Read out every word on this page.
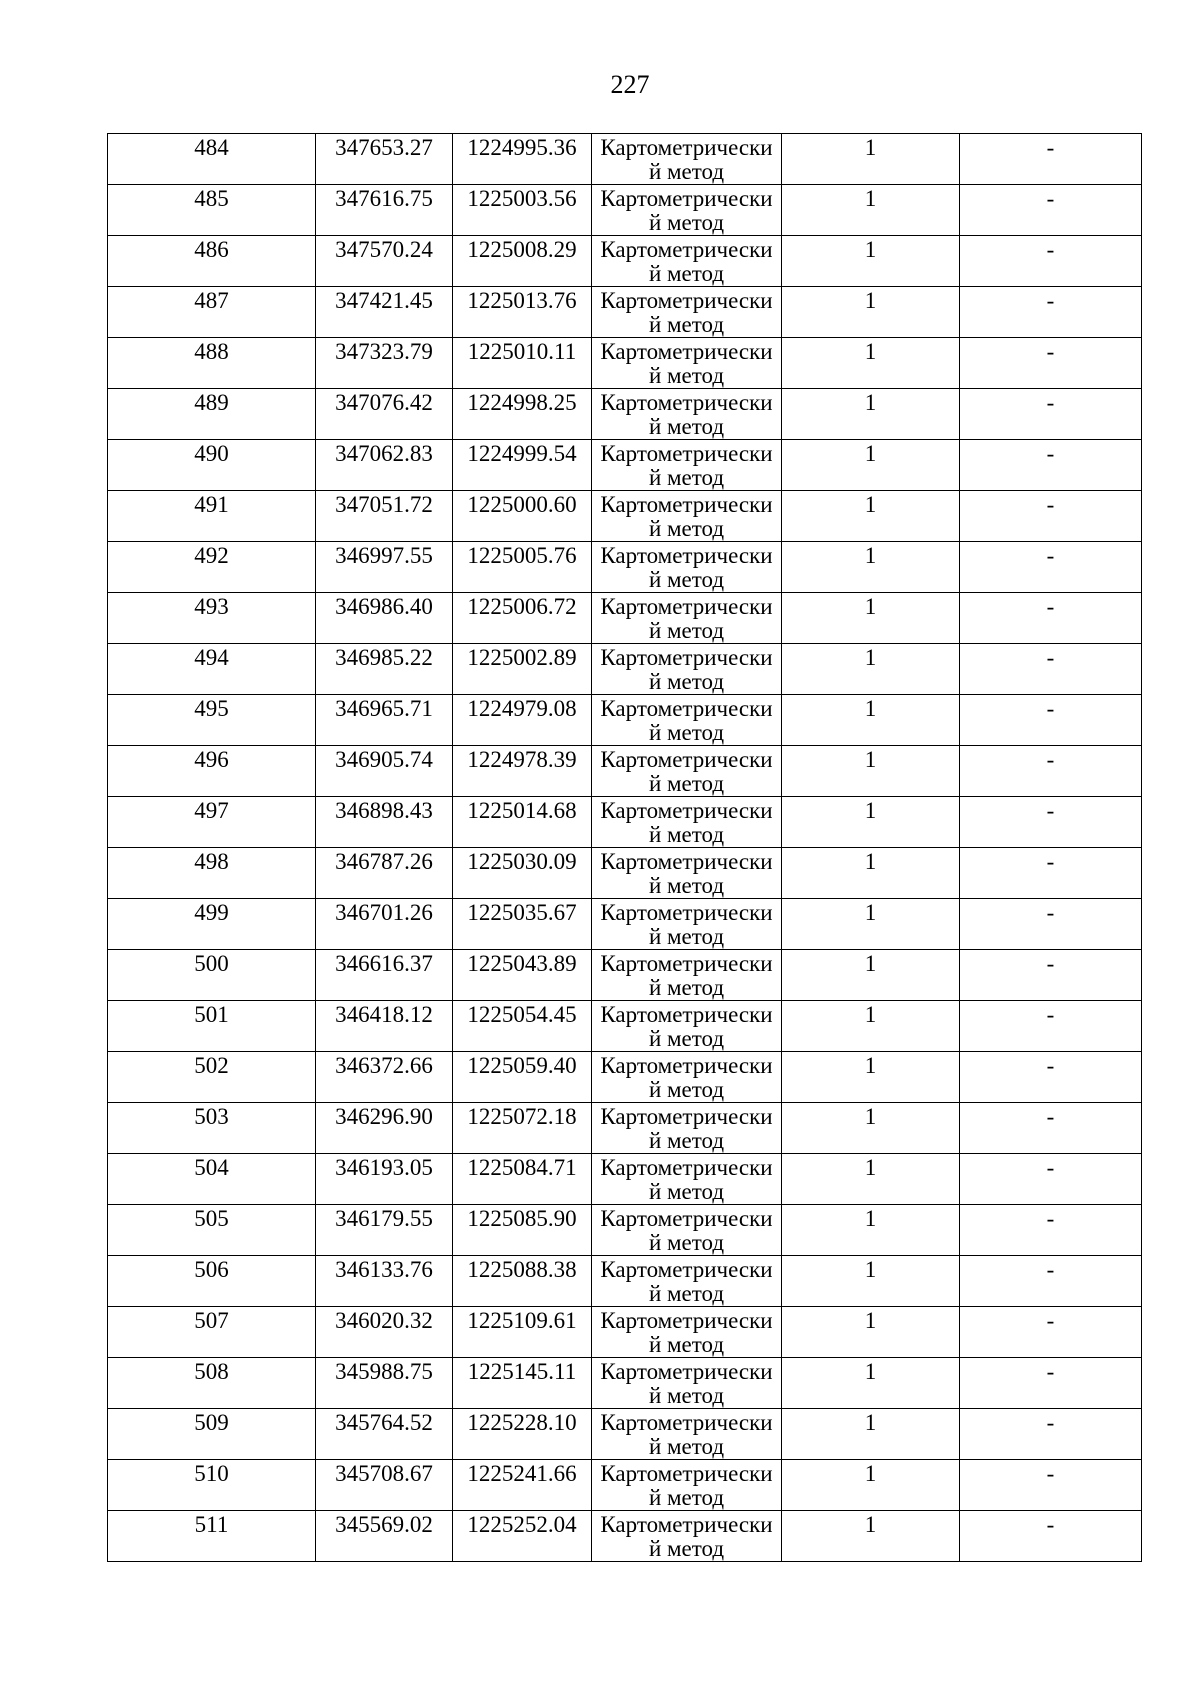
227
484	347653.27	1224995.36	Картометрически й метод	1	-

485	347616.75	1225003.56	Картометрически й метод	1	-

486	347570.24	1225008.29	Картометрически й метод	1	-

487	347421.45	1225013.76	Картометрически й метод	1	-

488	347323.79	1225010.11	Картометрически й метод	1	-

489	347076.42	1224998.25	Картометрически й метод	1	-

490	347062.83	1224999.54	Картометрически й метод	1	-

491	347051.72	1225000.60	Картометрически й метод	1	-

492	346997.55	1225005.76	Картометрически й метод	1	-

493	346986.40	1225006.72	Картометрически й метод	1	-

494	346985.22	1225002.89	Картометрически й метод	1	-

495	346965.71	1224979.08	Картометрически й метод	1	-

496	346905.74	1224978.39	Картометрически й метод	1	-

497	346898.43	1225014.68	Картометрически й метод	1	-

498	346787.26	1225030.09	Картометрически й метод	1	-

499	346701.26	1225035.67	Картометрически й метод	1	-

500	346616.37	1225043.89	Картометрически й метод	1	-

501	346418.12	1225054.45	Картометрически й метод	1	-

502	346372.66	1225059.40	Картометрически й метод	1	-

503	346296.90	1225072.18	Картометрически й метод	1	-

504	346193.05	1225084.71	Картометрически й метод	1	-

505	346179.55	1225085.90	Картометрически й метод	1	-

506	346133.76	1225088.38	Картометрически й метод	1	-

507	346020.32	1225109.61	Картометрически й метод	1	-

508	345988.75	1225145.11	Картометрически й метод	1	-

509	345764.52	1225228.10	Картометрически й метод	1	-

510	345708.67	1225241.66	Картометрически й метод	1	-

511	345569.02	1225252.04	Картометрически й метод	1	-
